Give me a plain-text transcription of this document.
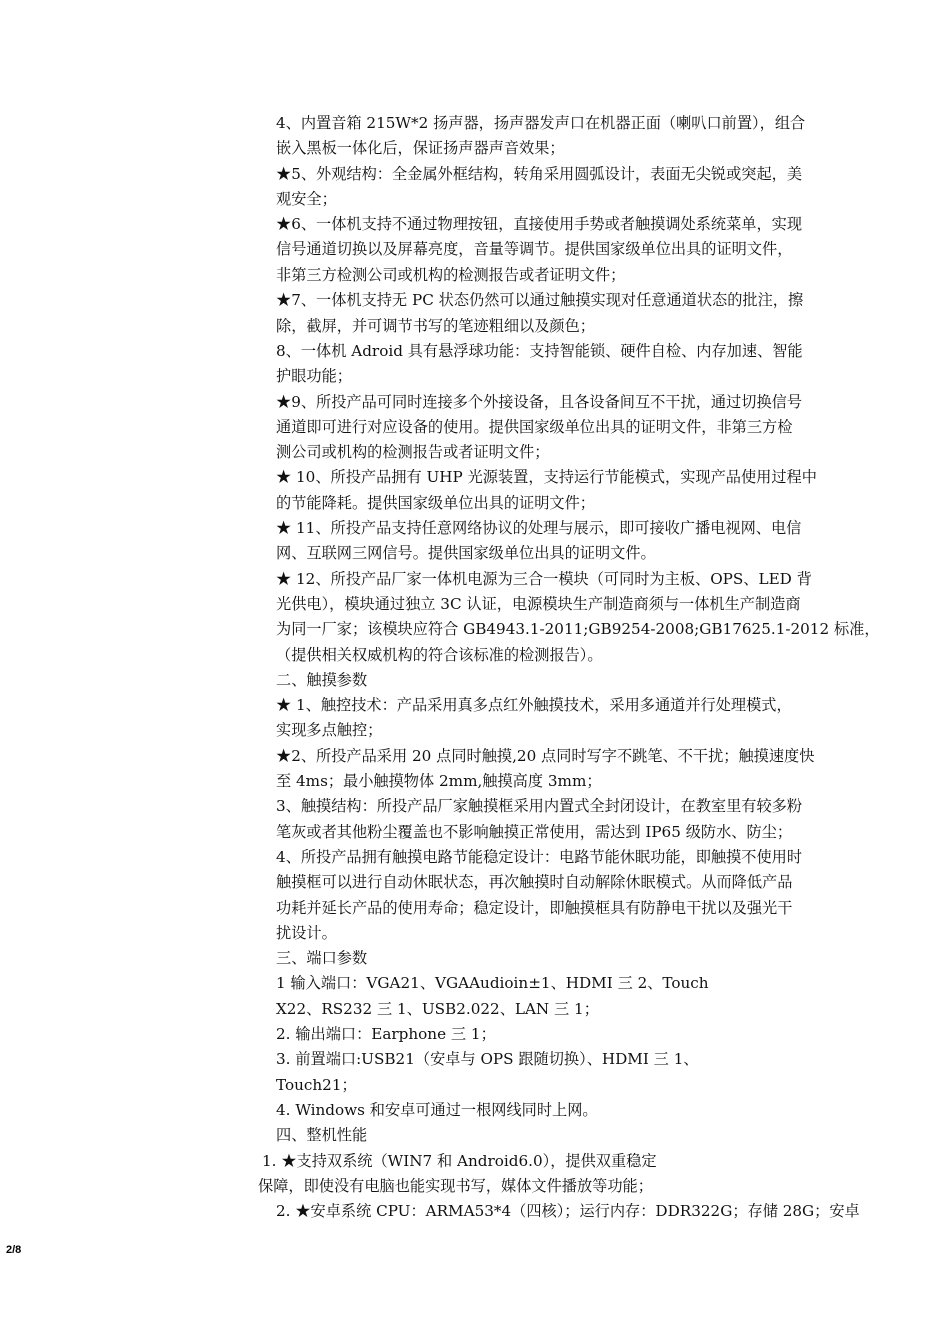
4、内置音箱 215W*2 扬声器，扬声器发声口在机器正面（喇叭口前置），组合
嵌入黑板一体化后，保证扬声器声音效果；
★5、外观结构：全金属外框结构，转角采用圆弧设计，表面无尖锐或突起，美
观安全；
★6、一体机支持不通过物理按钮，直接使用手势或者触摸调处系统菜单，实现
信号通道切换以及屏幕亮度，音量等调节。提供国家级单位出具的证明文件，
非第三方检测公司或机构的检测报告或者证明文件；
★7、一体机支持无 PC 状态仍然可以通过触摸实现对任意通道状态的批注，擦
除，截屏，并可调节书写的笔迹粗细以及颜色；
8、一体机 Adroid 具有悬浮球功能：支持智能锁、硬件自检、内存加速、智能
护眼功能；
★9、所投产品可同时连接多个外接设备，且各设备间互不干扰，通过切换信号
通道即可进行对应设备的使用。提供国家级单位出具的证明文件，非第三方检
测公司或机构的检测报告或者证明文件；
★ 10、所投产品拥有 UHP 光源装置，支持运行节能模式，实现产品使用过程中
的节能降耗。提供国家级单位出具的证明文件；
★ 11、所投产品支持任意网络协议的处理与展示，即可接收广播电视网、电信
网、互联网三网信号。提供国家级单位出具的证明文件。
★ 12、所投产品厂家一体机电源为三合一模块（可同时为主板、OPS、LED 背
光供电），模块通过独立 3C 认证，电源模块生产制造商须与一体机生产制造商
为同一厂家；该模块应符合 GB4943.1-2011;GB9254-2008;GB17625.1-2012 标准，
（提供相关权威机构的符合该标准的检测报告）。
二、触摸参数
★ 1、触控技术：产品采用真多点红外触摸技术，采用多通道并行处理模式，
实现多点触控；
★2、所投产品采用 20 点同时触摸,20 点同时写字不跳笔、不干扰；触摸速度快
至 4ms；最小触摸物体 2mm,触摸高度 3mm；
3、触摸结构：所投产品厂家触摸框采用内置式全封闭设计，在教室里有较多粉
笔灰或者其他粉尘覆盖也不影响触摸正常使用，需达到 IP65 级防水、防尘；
4、所投产品拥有触摸电路节能稳定设计：电路节能休眠功能，即触摸不使用时
触摸框可以进行自动休眠状态，再次触摸时自动解除休眠模式。从而降低产品
功耗并延长产品的使用寿命；稳定设计，即触摸框具有防静电干扰以及强光干
扰设计。
三、端口参数
1 输入端口：VGA21、VGAAudioin±1、HDMI 三 2、Touch
X22、RS232 三 1、USB2.022、LAN 三 1；
2. 输出端口：Earphone 三 1；
3. 前置端口:USB21（安卓与 OPS 跟随切换）、HDMI 三 1、
Touch21；
4. Windows 和安卓可通过一根网线同时上网。
四、整机性能
1. ★支持双系统（WIN7 和 Android6.0），提供双重稳定
保障，即使没有电脑也能实现书写，媒体文件播放等功能；
2. ★安卓系统 CPU：ARMA53*4（四核）；运行内存：DDR322G；存储 28G；安卓
2/8
